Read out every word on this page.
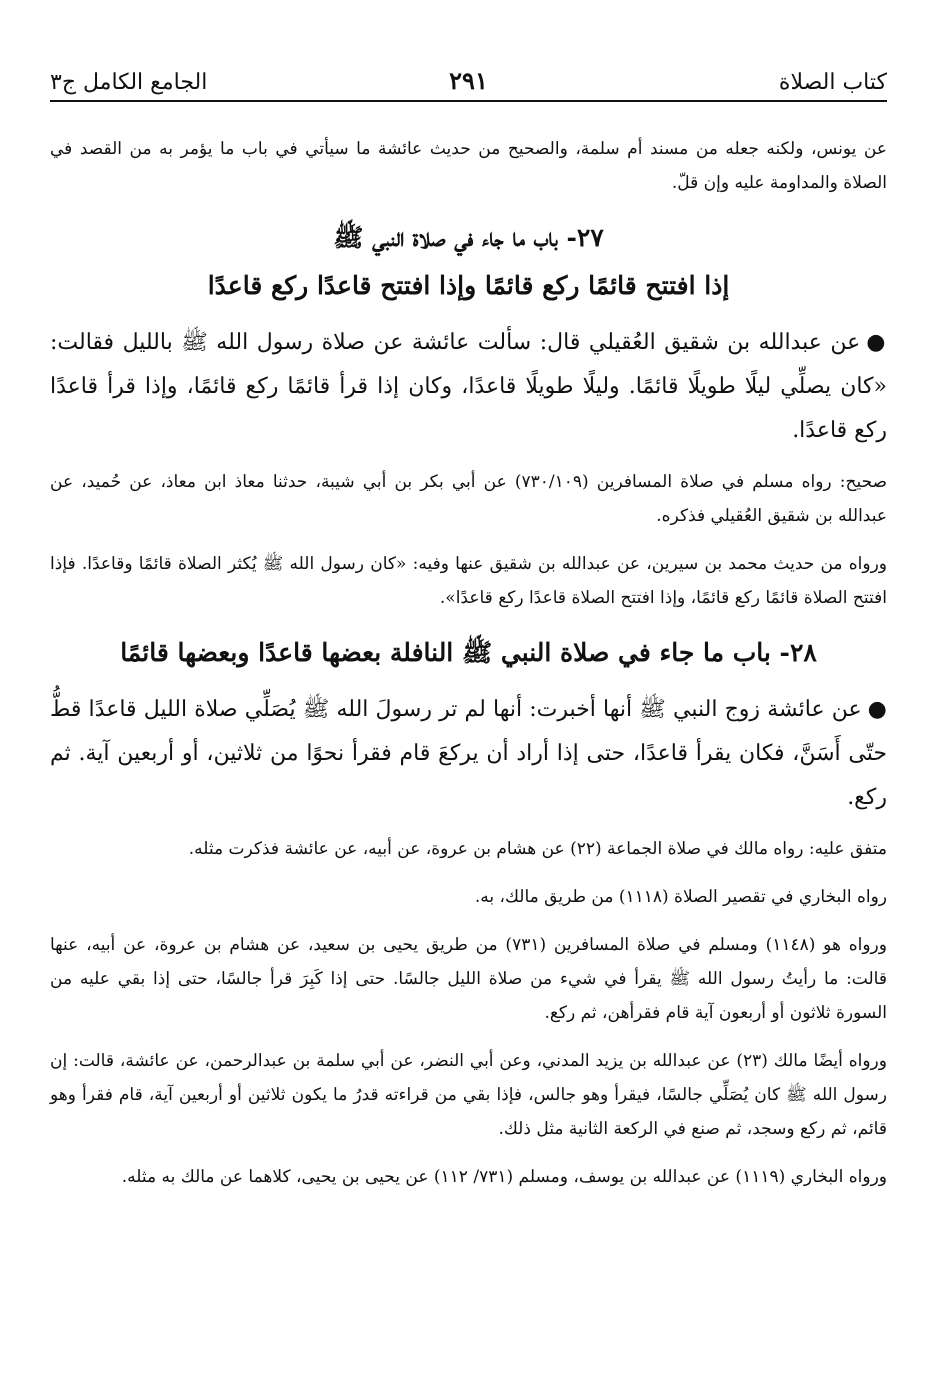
كتاب الصلاة
٢٩١
الجامع الكامل ج٣

عن يونس، ولكنه جعله من مسند أم سلمة، والصحيح من حديث عائشة ما سيأتي في باب ما يؤمر به من القصد في الصلاة والمداومة عليه وإن قلّ.

٢٧- باب ما جاء في صلاة النبي ﷺ
إذا افتتح قائمًا ركع قائمًا وإذا افتتح قاعدًا ركع قاعدًا

●عن عبدالله بن شقيق العُقيلي قال: سألت عائشة عن صلاة رسول الله ﷺ بالليل فقالت: «كان يصلِّي ليلًا طويلًا قائمًا. وليلًا طويلًا قاعدًا، وكان إذا قرأ قائمًا ركع قائمًا، وإذا قرأ قاعدًا ركع قاعدًا.

صحيح: رواه مسلم في صلاة المسافرين (٧٣٠/١٠٩) عن أبي بكر بن أبي شيبة، حدثنا معاذ ابن معاذ، عن حُميد، عن عبدالله بن شقيق العُقيلي فذكره.

ورواه من حديث محمد بن سيرين، عن عبدالله بن شقيق عنها وفيه: «كان رسول الله ﷺ يُكثر الصلاة قائمًا وقاعدًا. فإذا افتتح الصلاة قائمًا ركع قائمًا، وإذا افتتح الصلاة قاعدًا ركع قاعدًا».

٢٨- باب ما جاء في صلاة النبي ﷺ النافلة بعضها قاعدًا وبعضها قائمًا

●عن عائشة زوج النبي ﷺ أنها أخبرت: أنها لم تر رسولَ الله ﷺ يُصَلِّي صلاة الليل قاعدًا قطُّ حتّى أَسَنَّ، فكان يقرأ قاعدًا، حتى إذا أراد أن يركعَ قام فقرأ نحوًا من ثلاثين، أو أربعين آية. ثم ركع.

متفق عليه: رواه مالك في صلاة الجماعة (٢٢) عن هشام بن عروة، عن أبيه، عن عائشة فذكرت مثله.

رواه البخاري في تقصير الصلاة (١١١٨) من طريق مالك، به.

ورواه هو (١١٤٨) ومسلم في صلاة المسافرين (٧٣١) من طريق يحيى بن سعيد، عن هشام بن عروة، عن أبيه، عنها قالت: ما رأيتُ رسول الله ﷺ يقرأ في شيء من صلاة الليل جالسًا. حتى إذا كَبِرَ قرأ جالسًا، حتى إذا بقي عليه من السورة ثلاثون أو أربعون آية قام فقرأهن، ثم ركع.

ورواه أيضًا مالك (٢٣) عن عبدالله بن يزيد المدني، وعن أبي النضر، عن أبي سلمة بن عبدالرحمن، عن عائشة، قالت: إن رسول الله ﷺ كان يُصَلِّي جالسًا، فيقرأ وهو جالس، فإذا بقي من قراءته قدرُ ما يكون ثلاثين أو أربعين آية، قام فقرأ وهو قائم، ثم ركع وسجد، ثم صنع في الركعة الثانية مثل ذلك.

ورواه البخاري (١١١٩) عن عبدالله بن يوسف، ومسلم (٧٣١/ ١١٢) عن يحيى بن يحيى، كلاهما عن مالك به مثله.
